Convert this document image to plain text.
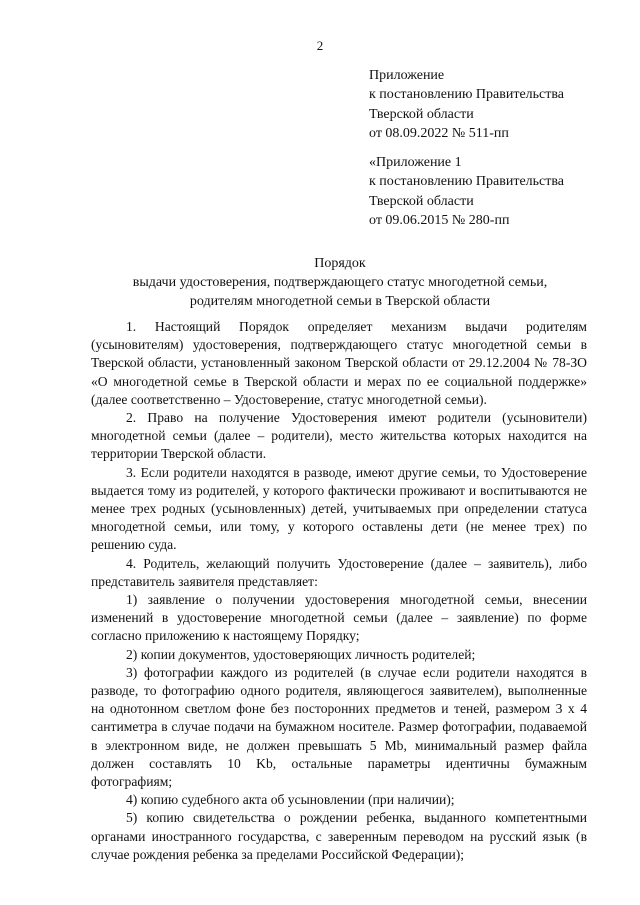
2
Приложение
к постановлению Правительства
Тверской области
от 08.09.2022 № 511-пп
«Приложение 1
к постановлению Правительства
Тверской области
от 09.06.2015 № 280-пп
Порядок
выдачи удостоверения, подтверждающего статус многодетной семьи,
родителям многодетной семьи в Тверской области

1. Настоящий Порядок определяет механизм выдачи родителям (усыновителям) удостоверения, подтверждающего статус многодетной семьи в Тверской области, установленный законом Тверской области от 29.12.2004 № 78-ЗО «О многодетной семье в Тверской области и мерах по ее социальной поддержке» (далее соответственно – Удостоверение, статус многодетной семьи).

2. Право на получение Удостоверения имеют родители (усыновители) многодетной семьи (далее – родители), место жительства которых находится на территории Тверской области.

3. Если родители находятся в разводе, имеют другие семьи, то Удостоверение выдается тому из родителей, у которого фактически проживают и воспитываются не менее трех родных (усыновленных) детей, учитываемых при определении статуса многодетной семьи, или тому, у которого оставлены дети (не менее трех) по решению суда.

4. Родитель, желающий получить Удостоверение (далее – заявитель), либо представитель заявителя представляет:

1) заявление о получении удостоверения многодетной семьи, внесении изменений в удостоверение многодетной семьи (далее – заявление) по форме согласно приложению к настоящему Порядку;

2) копии документов, удостоверяющих личность родителей;

3) фотографии каждого из родителей (в случае если родители находятся в разводе, то фотографию одного родителя, являющегося заявителем), выполненные на однотонном светлом фоне без посторонних предметов и теней, размером 3 х 4 сантиметра в случае подачи на бумажном носителе. Размер фотографии, подаваемой в электронном виде, не должен превышать 5 Mb, минимальный размер файла должен составлять 10 Kb, остальные параметры идентичны бумажным фотографиям;

4) копию судебного акта об усыновлении (при наличии);

5) копию свидетельства о рождении ребенка, выданного компетентными органами иностранного государства, с заверенным переводом на русский язык (в случае рождения ребенка за пределами Российской Федерации);
